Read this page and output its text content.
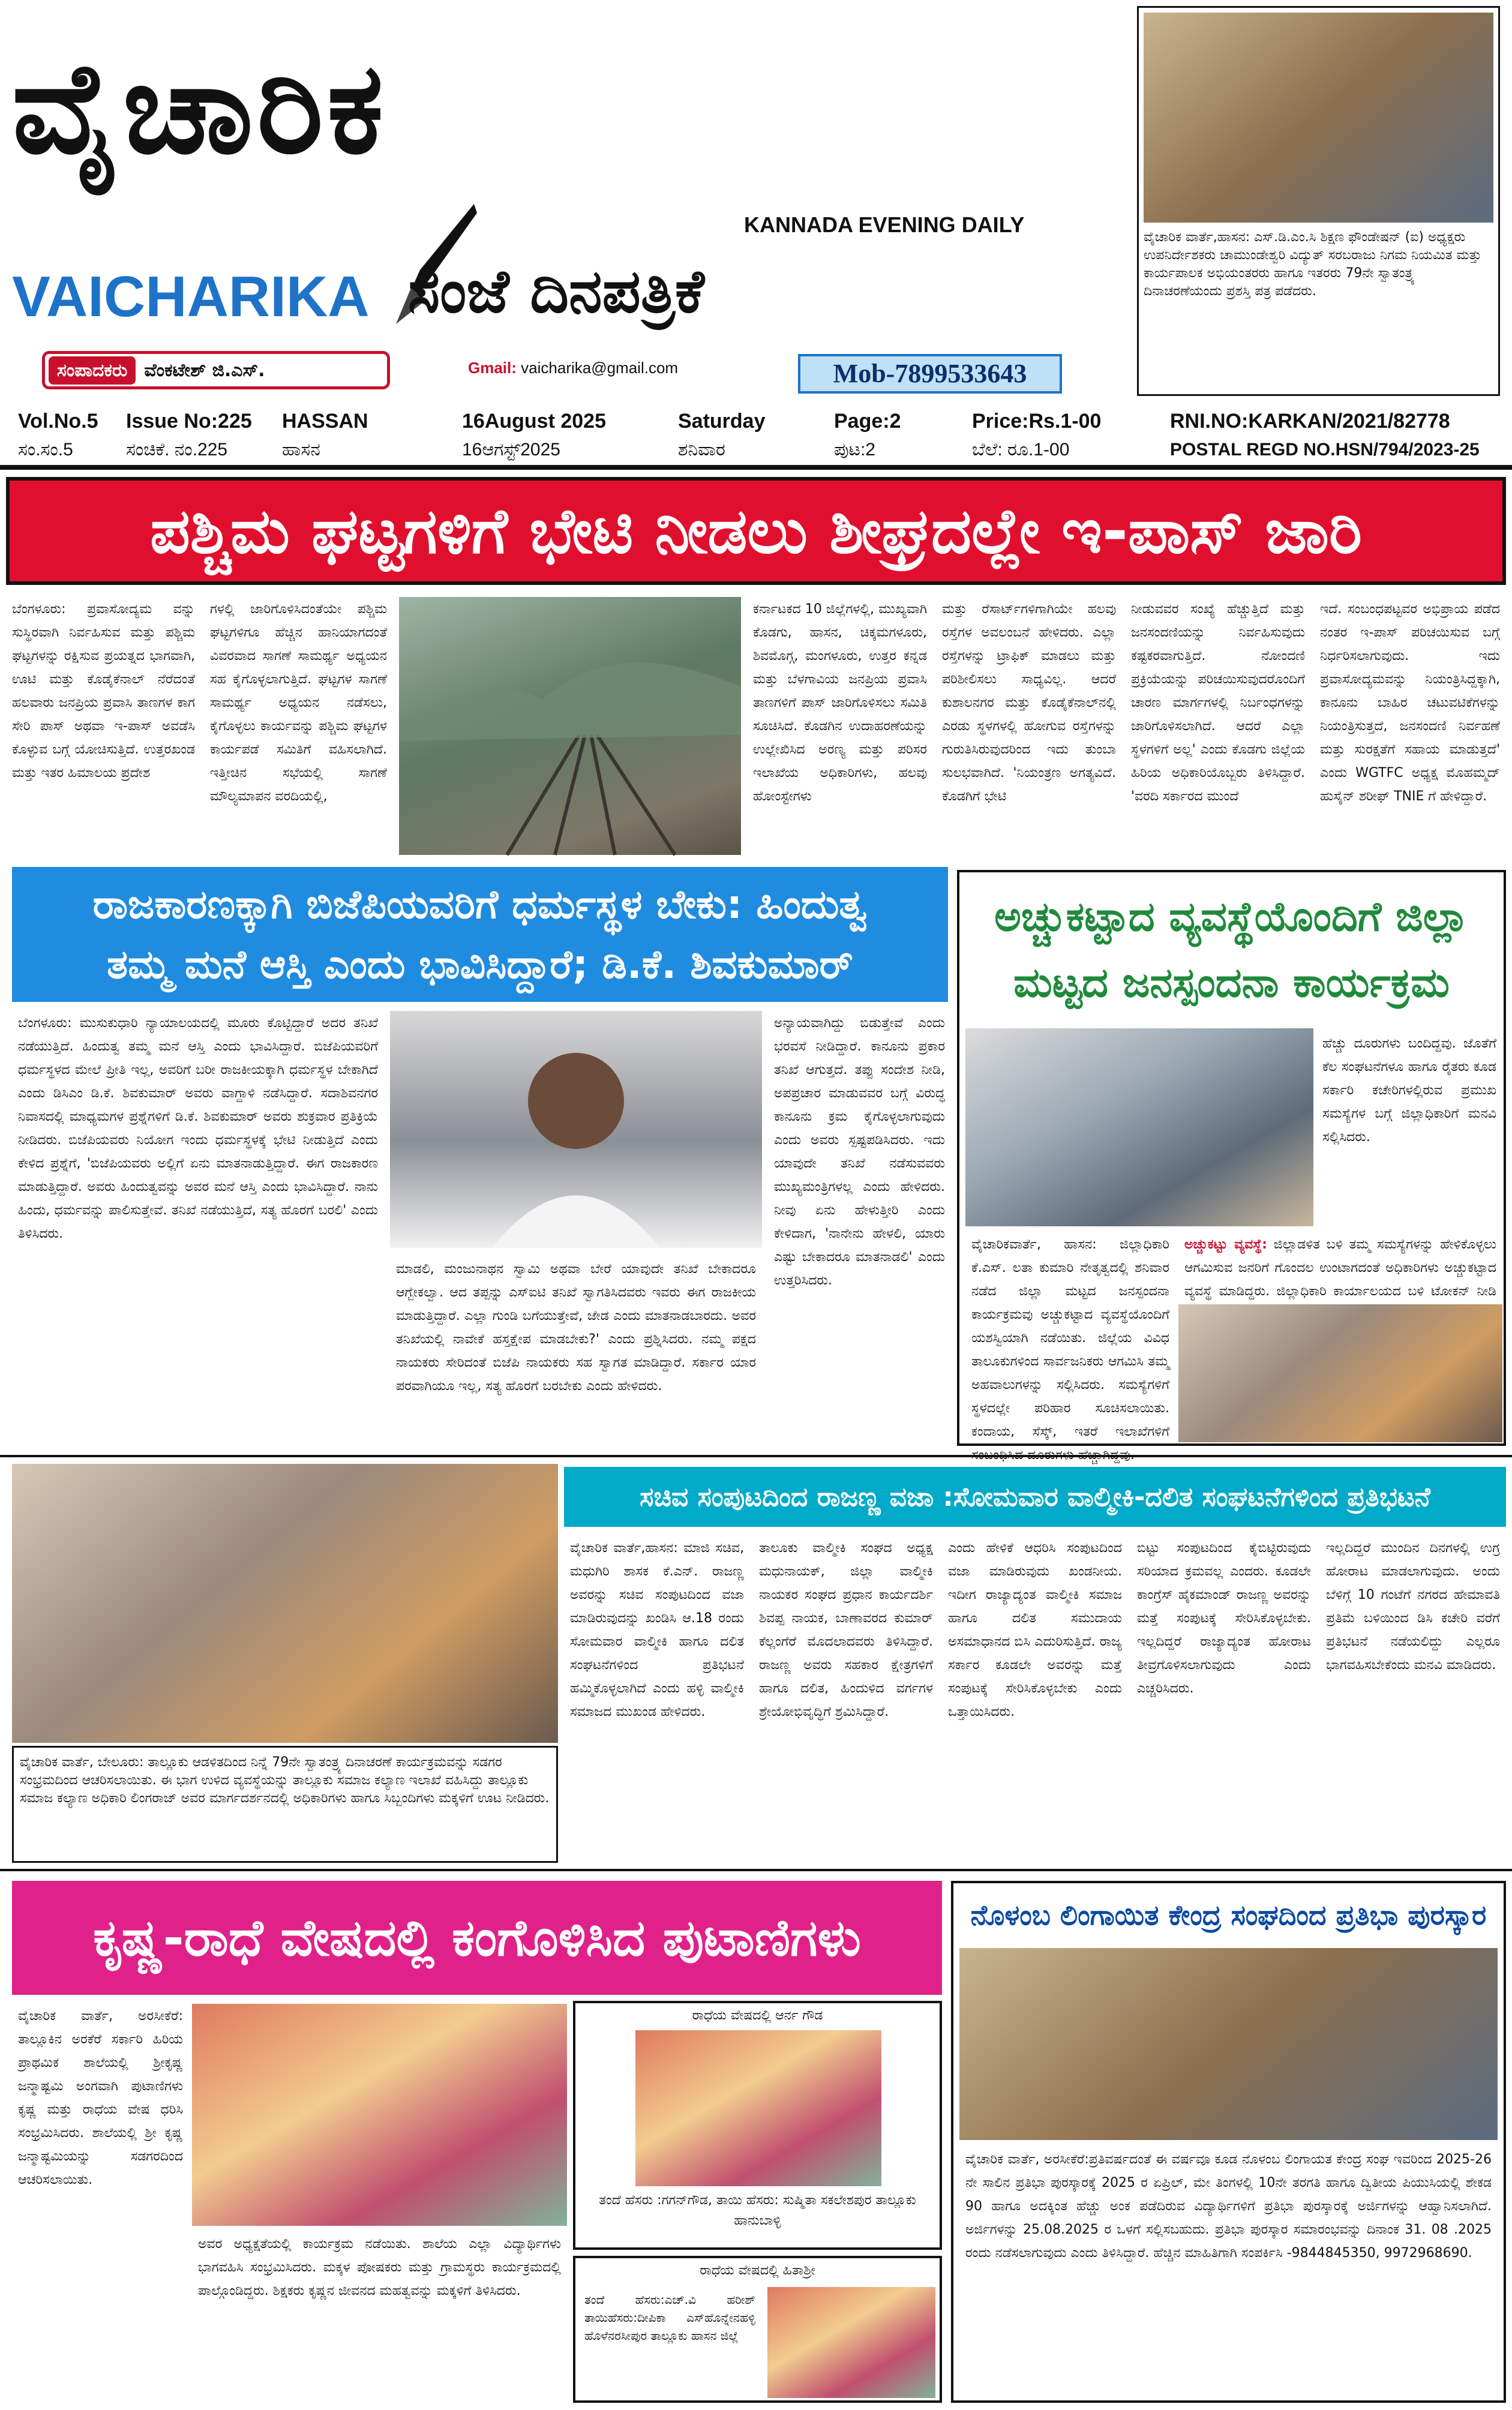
ವೈಚಾರಿಕ
KANNADA EVENING DAILY
VAICHARIKA ಸಂಜೆ ದಿನಪತ್ರಿಕೆ
ಸಂಪಾದಕರು ವೆಂಕಟೇಶ್ ಜಿ.ಎಸ್.	Gmail: vaicharika@gmail.com	Mob-7899533643
ವೈಚಾರಿಕ ವಾರ್ತೆ,ಹಾಸನ: ಎಸ್.ಡಿ.ಎಂ.ಸಿ ಶಿಕ್ಷಣ ಫೌಂಡೇಷನ್ (ಐ) ಅಧ್ಯಕ್ಷರು ಉಪನಿರ್ದೇಶಕರು ಚಾಮುಂಡೇಶ್ವರಿ ವಿದ್ಯುತ್ ಸರಬರಾಜು ನಿಗಮ ನಿಯಮಿತ ಮತ್ತು ಕಾರ್ಯಪಾಲಕ ಅಭಿಯಂತರರು ಹಾಗೂ ಇತರರು 79ನೇ ಸ್ವಾತಂತ್ರ್ಯ ದಿನಾಚರಣೆಯಂದು ಪ್ರಶಸ್ತಿ ಪತ್ರ ಪಡೆದರು.
Vol.No.5	Issue No:225	HASSAN	16August 2025	Saturday	Page:2	Price:Rs.1-00	RNI.NO:KARKAN/2021/82778
ಸಂ.ಸಂ.5	ಸಂಚಿಕೆ. ನಂ.225	ಹಾಸನ	16ಆಗಸ್ಟ್2025	ಶನಿವಾರ	ಪುಟ:2	ಬೆಲೆ: ರೂ.1-00	POSTAL REGD NO.HSN/794/2023-25
ಪಶ್ಚಿಮ ಘಟ್ಟಗಳಿಗೆ ಭೇಟಿ ನೀಡಲು ಶೀಘ್ರದಲ್ಲೇ ಇ-ಪಾಸ್ ಜಾರಿ
ಬೆಂಗಳೂರು: ಪ್ರವಾಸೋದ್ಯಮ ವನ್ನು ಸುಸ್ಥಿರವಾಗಿ ನಿರ್ವಹಿಸುವ ಮತ್ತು ಪಶ್ಚಿಮ ಘಟ್ಟಗಳನ್ನು ರಕ್ಷಿಸುವ ಪ್ರಯತ್ನದ ಭಾಗವಾಗಿ, ಊಟಿ ಮತ್ತು ಕೊಡೈಕೆನಾಲ್ ನೆರೆದಂತೆ ಹಲವಾರು ಜನಪ್ರಿಯ ಪ್ರವಾಸಿ ತಾಣಗಳ ಕಾಗ ಸೇರಿ ಪಾಸ್ ಅಥವಾ ಇ-ಪಾಸ್ ಅವಡೆಸಿ ಕೊಳ್ಳುವ ಬಗ್ಗೆ ಯೋಚಿಸುತ್ತಿದೆ. ಉತ್ತರಖಂಡ ಮತ್ತು ಇತರ ಹಿಮಾಲಯ ಪ್ರದೇಶ
ಗಳಲ್ಲಿ ಜಾರಿಗೊಳಿಸಿದಂತೆಯೇ ಪಶ್ಚಿಮ ಘಟ್ಟಗಳಿಗೂ ಹೆಚ್ಚಿನ ಹಾನಿಯಾಗದಂತೆ ವಿವರವಾದ ಸಾಗಣೆ ಸಾಮರ್ಥ್ಯ ಅಧ್ಯಯನ ಸಹ ಕೈಗೊಳ್ಳಲಾಗುತ್ತಿದೆ. ಘಟ್ಟಗಳ ಸಾಗಣೆ ಸಾಮರ್ಥ್ಯ ಅಧ್ಯಯನ ನಡೆಸಲು, ಕೈಗೊಳ್ಳಲು ಕಾರ್ಯವನ್ನು ಪಶ್ಚಿಮ ಘಟ್ಟಗಳ ಕಾರ್ಯಪಡೆ ಸಮಿತಿಗೆ ವಹಿಸಲಾಗಿದೆ. ಇತ್ತೀಚಿನ ಸಭೆಯಲ್ಲಿ ಸಾಗಣೆ ಮೌಲ್ಯಮಾಪನ ವರದಿಯಲ್ಲಿ,
ಕರ್ನಾಟಕದ 10 ಜಿಲ್ಲೆಗಳಲ್ಲಿ, ಮುಖ್ಯವಾಗಿ ಕೊಡಗು, ಹಾಸನ, ಚಿಕ್ಕಮಗಳೂರು, ಶಿವಮೊಗ್ಗ, ಮಂಗಳೂರು, ಉತ್ತರ ಕನ್ನಡ ಮತ್ತು ಬೆಳಗಾವಿಯ ಜನಪ್ರಿಯ ಪ್ರವಾಸಿ ತಾಣಗಳಿಗೆ ಪಾಸ್ ಜಾರಿಗೊಳಿಸಲು ಸಮಿತಿ ಸೂಚಿಸಿದೆ. ಕೊಡಗಿನ ಉದಾಹರಣೆಯನ್ನು ಉಲ್ಲೇಖಿಸಿದ ಅರಣ್ಯ ಮತ್ತು ಪರಿಸರ ಇಲಾಖೆಯ ಅಧಿಕಾರಿಗಳು, ಹಲವು ಹೋಂಸ್ಟೇಗಳು
ಮತ್ತು ರೆಸಾರ್ಟ್‌ಗಳಿಗಾಗಿಯೇ ಹಲವು ರಸ್ತೆಗಳ ಅವಲಂಬನೆ ಹೇಳಿದರು. ಎಲ್ಲಾ ರಸ್ತೆಗಳನ್ನು ಟ್ರಾಫಿಕ್ ಮಾಡಲು ಮತ್ತು ಪರಿಶೀಲಿಸಲು ಸಾಧ್ಯವಿಲ್ಲ. ಆದರೆ ಕುಶಾಲನಗರ ಮತ್ತು ಕೊಡೈಕೆನಾಲ್‌ನಲ್ಲಿ ಎರಡು ಸ್ಥಳಗಳಲ್ಲಿ ಹೋಗುವ ರಸ್ತೆಗಳನ್ನು ಗುರುತಿಸಿರುವುದರಿಂದ ಇದು ತುಂಬಾ ಸುಲಭವಾಗಿದೆ. 'ನಿಯಂತ್ರಣ ಅಗತ್ಯವಿದೆ. ಕೊಡಗಿಗೆ ಭೇಟಿ
ನೀಡುವವರ ಸಂಖ್ಯೆ ಹೆಚ್ಚುತ್ತಿದೆ ಮತ್ತು ಜನಸಂದಣಿಯನ್ನು ನಿರ್ವಹಿಸುವುದು ಕಷ್ಟಕರವಾಗುತ್ತಿದೆ. ನೋಂದಣಿ ಪ್ರಕ್ರಿಯೆಯನ್ನು ಪರಿಚಯಿಸುವುದರೊಂದಿಗೆ ಚಾರಣ ಮಾರ್ಗಗಳಲ್ಲಿ ನಿರ್ಬಂಧಗಳನ್ನು ಜಾರಿಗೊಳಿಸಲಾಗಿದೆ. ಆದರೆ ಎಲ್ಲಾ ಸ್ಥಳಗಳಿಗೆ ಅಲ್ಲ' ಎಂದು ಕೊಡಗು ಜಿಲ್ಲೆಯ ಹಿರಿಯ ಅಧಿಕಾರಿಯೊಬ್ಬರು ತಿಳಿಸಿದ್ದಾರೆ. 'ವರದಿ ಸರ್ಕಾರದ ಮುಂದೆ
ಇದೆ. ಸಂಬಂಧಪಟ್ಟವರ ಅಭಿಪ್ರಾಯ ಪಡೆದ ನಂತರ ಇ-ಪಾಸ್ ಪರಿಚಯಿಸುವ ಬಗ್ಗೆ ನಿರ್ಧರಿಸಲಾಗುವುದು. ಇದು ಪ್ರವಾಸೋದ್ಯಮವನ್ನು ನಿಯಂತ್ರಿಸಿದ್ದಕ್ಕಾಗಿ, ಕಾನೂನು ಬಾಹಿರ ಚಟುವಟಿಕೆಗಳನ್ನು ನಿಯಂತ್ರಿಸುತ್ತದೆ, ಜನಸಂದಣಿ ನಿರ್ವಹಣೆ ಮತ್ತು ಸುರಕ್ಷತೆಗೆ ಸಹಾಯ ಮಾಡುತ್ತದೆ' ಎಂದು WGTFC ಅಧ್ಯಕ್ಷ ಮೊಹಮ್ಮದ್ ಹುಸೈನ್ ಶರೀಫ್ TNIE ಗೆ ಹೇಳಿದ್ದಾರೆ.
ರಾಜಕಾರಣಕ್ಕಾಗಿ ಬಿಜೆಪಿಯವರಿಗೆ ಧರ್ಮಸ್ಥಳ ಬೇಕು: ಹಿಂದುತ್ವ
ತಮ್ಮ ಮನೆ ಆಸ್ತಿ ಎಂದು ಭಾವಿಸಿದ್ದಾರೆ; ಡಿ.ಕೆ. ಶಿವಕುಮಾರ್
ಬೆಂಗಳೂರು: ಮುಸುಕುಧಾರಿ ನ್ಯಾಯಾಲಯದಲ್ಲಿ ಮೂರು ಕೊಟ್ಟಿದ್ದಾರೆ ಅದರ ತನಿಖೆ ನಡೆಯುತ್ತಿದೆ. ಹಿಂದುತ್ವ ತಮ್ಮ ಮನೆ ಆಸ್ತಿ ಎಂದು ಭಾವಿಸಿದ್ದಾರೆ. ಬಿಜೆಪಿಯವರಿಗೆ ಧರ್ಮಸ್ಥಳದ ಮೇಲೆ ಪ್ರೀತಿ ಇಲ್ಲ, ಅವರಿಗೆ ಬರೀ ರಾಜಕೀಯಕ್ಕಾಗಿ ಧರ್ಮಸ್ಥಳ ಬೇಕಾಗಿದೆ ಎಂದು ಡಿಸಿಎಂ ಡಿ.ಕೆ. ಶಿವಕುಮಾರ್ ಅವರು ವಾಗ್ದಾಳಿ ನಡೆಸಿದ್ದಾರೆ. ಸದಾಶಿವನಗರ ನಿವಾಸದಲ್ಲಿ ಮಾಧ್ಯಮಗಳ ಪ್ರಶ್ನೆಗಳಿಗೆ ಡಿ.ಕೆ. ಶಿವಕುಮಾರ್ ಅವರು ಶುಕ್ರವಾರ ಪ್ರತಿಕ್ರಿಯೆ ನೀಡಿದರು. ಬಿಜೆಪಿಯವರು ನಿಯೋಗ ಇಂದು ಧರ್ಮಸ್ಥಳಕ್ಕೆ ಭೇಟಿ ನೀಡುತ್ತಿದೆ ಎಂದು ಕೇಳಿದ ಪ್ರಶ್ನೆಗೆ, 'ಬಿಜೆಪಿಯವರು ಅಲ್ಲಿಗೆ ಏನು ಮಾತನಾಡುತ್ತಿದ್ದಾರೆ. ಈಗ ರಾಜಕಾರಣ ಮಾಡುತ್ತಿದ್ದಾರೆ. ಅವರು ಹಿಂದುತ್ವವನ್ನು ಅವರ ಮನೆ ಆಸ್ತಿ ಎಂದು ಭಾವಿಸಿದ್ದಾರೆ. ನಾನು ಹಿಂದು, ಧರ್ಮವನ್ನು ಪಾಲಿಸುತ್ತೇವೆ. ತನಿಖೆ ನಡೆಯುತ್ತಿದೆ, ಸತ್ಯ ಹೊರಗೆ ಬರಲಿ' ಎಂದು ತಿಳಿಸಿದರು.
ಮಾಡಲಿ, ಮಂಜುನಾಥನ ಸ್ವಾಮಿ ಅಥವಾ ಬೇರೆ ಯಾವುದೇ ತನಿಖೆ ಬೇಕಾದರೂ ಆಗ್ಬೇಕಲ್ವಾ. ಆದ ತಪ್ಪನ್ನು ಎಸ್‌ಐಟಿ ತನಿಖೆ ಸ್ವಾಗತಿಸಿದವರು ಇವರು ಈಗ ರಾಜಕೀಯ ಮಾಡುತ್ತಿದ್ದಾರೆ. ಎಲ್ಲಾ ಗುಂಡಿ ಬಗೆಯುತ್ತೇವೆ, ಜೇಡ ಎಂದು ಮಾತನಾಡಬಾರದು. ಅವರ ತನಿಖೆಯಲ್ಲಿ ನಾವೇಕೆ ಹಸ್ತಕ್ಷೇಪ ಮಾಡಬೇಕು?' ಎಂದು ಪ್ರಶ್ನಿಸಿದರು. ನಮ್ಮ ಪಕ್ಷದ ನಾಯಕರು ಸೇರಿದಂತೆ ಬಿಜೆಪಿ ನಾಯಕರು ಸಹ ಸ್ವಾಗತ ಮಾಡಿದ್ದಾರೆ. ಸರ್ಕಾರ ಯಾರ ಪರವಾಗಿಯೂ ಇಲ್ಲ, ಸತ್ಯ ಹೊರಗೆ ಬರಬೇಕು ಎಂದು ಹೇಳಿದರು.
ಅನ್ಯಾಯವಾಗಿದ್ದು ಬಿಡುತ್ತೇವೆ ಎಂದು ಭರವಸೆ ನೀಡಿದ್ದಾರೆ. ಕಾನೂನು ಪ್ರಕಾರ ತನಿಖೆ ಆಗುತ್ತದೆ. ತಪ್ಪು ಸಂದೇಶ ನೀಡಿ, ಅಪಪ್ರಚಾರ ಮಾಡುವವರ ಬಗ್ಗೆ ವಿರುದ್ಧ ಕಾನೂನು ಕ್ರಮ ಕೈಗೊಳ್ಳಲಾಗುವುದು ಎಂದು ಅವರು ಸ್ಪಷ್ಟಪಡಿಸಿದರು. ಇದು ಯಾವುದೇ ತನಿಖೆ ನಡೆಸುವವರು ಮುಖ್ಯಮಂತ್ರಿಗಳಲ್ಲ ಎಂದು ಹೇಳಿದರು. ನೀವು ಏನು ಹೇಳುತ್ತೀರಿ ಎಂದು ಕೇಳಿದಾಗ, 'ನಾನೇನು ಹೇಳಲಿ, ಯಾರು ಎಷ್ಟು ಬೇಕಾದರೂ ಮಾತನಾಡಲಿ' ಎಂದು ಉತ್ತರಿಸಿದರು.
ಅಚ್ಚುಕಟ್ಟಾದ ವ್ಯವಸ್ಥೆಯೊಂದಿಗೆ ಜಿಲ್ಲಾ
ಮಟ್ಟದ ಜನಸ್ಪಂದನಾ ಕಾರ್ಯಕ್ರಮ
ಹೆಚ್ಚು ದೂರುಗಳು ಬಂದಿದ್ದವು. ಜೊತೆಗೆ ಕೆಲ ಸಂಘಟನೆಗಳೂ ಹಾಗೂ ರೈತರು ಕೂಡ ಸರ್ಕಾರಿ ಕಚೇರಿಗಳಲ್ಲಿರುವ ಪ್ರಮುಖ ಸಮಸ್ಯೆಗಳ ಬಗ್ಗೆ ಜಿಲ್ಲಾಧಿಕಾರಿಗೆ ಮನವಿ ಸಲ್ಲಿಸಿದರು.
ವೈಚಾರಿಕವಾರ್ತೆ, ಹಾಸನ: ಜಿಲ್ಲಾಧಿಕಾರಿ ಕೆ.ಎಸ್. ಲತಾ ಕುಮಾರಿ ನೇತೃತ್ವದಲ್ಲಿ ಶನಿವಾರ ನಡೆದ ಜಿಲ್ಲಾ ಮಟ್ಟದ ಜನಸ್ಪಂದನಾ ಕಾರ್ಯಕ್ರಮವು ಅಚ್ಚುಕಟ್ಟಾದ ವ್ಯವಸ್ಥೆಯೊಂದಿಗೆ ಯಶಸ್ವಿಯಾಗಿ ನಡೆಯಿತು. ಜಿಲ್ಲೆಯ ವಿವಿಧ ತಾಲೂಕುಗಳಿಂದ ಸಾರ್ವಜನಿಕರು ಆಗಮಿಸಿ ತಮ್ಮ ಅಹವಾಲುಗಳನ್ನು ಸಲ್ಲಿಸಿದರು. ಸಮಸ್ಯೆಗಳಿಗೆ ಸ್ಥಳದಲ್ಲೇ ಪರಿಹಾರ ಸೂಚಿಸಲಾಯಿತು. ಕಂದಾಯ, ಸೆಸ್ಕ್, ಇತರೆ ಇಲಾಖೆಗಳಿಗೆ
ಅಚ್ಚುಕಟ್ಟು ವ್ಯವಸ್ಥೆ: ಜಿಲ್ಲಾಡಳಿತ ಬಳಿ ತಮ್ಮ ಸಮಸ್ಯೆಗಳನ್ನು ಹೇಳಿಕೊಳ್ಳಲು ಆಗಮಿಸುವ ಜನರಿಗೆ ಗೊಂದಲ ಉಂಟಾಗದಂತೆ ಅಧಿಕಾರಿಗಳು ಅಚ್ಚುಕಟ್ಟಾದ ವ್ಯವಸ್ಥೆ ಮಾಡಿದ್ದರು. ಜಿಲ್ಲಾಧಿಕಾರಿ ಕಾರ್ಯಾಲಯದ ಬಳಿ ಟೋಕನ್ ನೀಡಿ
ವೈಚಾರಿಕ ವಾರ್ತೆ, ಬೇಲೂರು: ತಾಲ್ಲೂಕು ಆಡಳಿತದಿಂದ ನಿನ್ನೆ 79ನೇ ಸ್ವಾತಂತ್ರ್ಯ ದಿನಾಚರಣೆ ಕಾರ್ಯಕ್ರಮವನ್ನು ಸಡಗರ ಸಂಭ್ರಮದಿಂದ ಆಚರಿಸಲಾಯಿತು. ಈ ಭಾಗ ಉಳಿದ ವ್ಯವಸ್ಥೆಯನ್ನು ತಾಲ್ಲೂಕು ಸಮಾಜ ಕಲ್ಯಾಣ ಇಲಾಖೆ ವಹಿಸಿದ್ದು ತಾಲ್ಲೂಕು ಸಮಾಜ ಕಲ್ಯಾಣ ಅಧಿಕಾರಿ ಲಿಂಗರಾಜ್ ಅವರ ಮಾರ್ಗದರ್ಶನದಲ್ಲಿ ಅಧಿಕಾರಿಗಳು ಹಾಗೂ ಸಿಬ್ಬಂದಿಗಳು ಮಕ್ಕಳಿಗೆ ಊಟ ನೀಡಿದರು.
ಸಚಿವ ಸಂಪುಟದಿಂದ ರಾಜಣ್ಣ ವಜಾ :ಸೋಮವಾರ ವಾಲ್ಮೀಕಿ-ದಲಿತ ಸಂಘಟನೆಗಳಿಂದ ಪ್ರತಿಭಟನೆ
ವೈಚಾರಿಕ ವಾರ್ತೆ,ಹಾಸನ: ಮಾಜಿ ಸಚಿವ, ಮಧುಗಿರಿ ಶಾಸಕ ಕೆ.ಎನ್. ರಾಜಣ್ಣ ಅವರನ್ನು ಸಚಿವ ಸಂಪುಟದಿಂದ ವಜಾ ಮಾಡಿರುವುದನ್ನು ಖಂಡಿಸಿ ಆ.18 ರಂದು ಸೋಮವಾರ ವಾಲ್ಮೀಕಿ ಹಾಗೂ ದಲಿತ ಸಂಘಟನೆಗಳಿಂದ ಪ್ರತಿಭಟನೆ ಹಮ್ಮಿಕೊಳ್ಳಲಾಗಿದೆ ಎಂದು ಹಳ್ಳಿ ವಾಲ್ಮೀಕಿ ಸಮಾಜದ ಮುಖಂಡ ಹೇಳಿದರು.
ತಾಲೂಕು ವಾಲ್ಮೀಕಿ ಸಂಘದ ಅಧ್ಯಕ್ಷ ಮಧುನಾಯಕ್, ಜಿಲ್ಲಾ ವಾಲ್ಮೀಕಿ ನಾಯಕರ ಸಂಘದ ಪ್ರಧಾನ ಕಾರ್ಯದರ್ಶಿ ಶಿವಪ್ಪ ನಾಯಕ, ಬಾಣಾವರದ ಕುಮಾರ್ ಕೆಲ್ಲಂಗೆರೆ ಮೊದಲಾದವರು ತಿಳಿಸಿದ್ದಾರೆ. ರಾಜಣ್ಣ ಅವರು ಸಹಕಾರ ಕ್ಷೇತ್ರಗಳಿಗೆ ಹಾಗೂ ದಲಿತ, ಹಿಂದುಳಿದ ವರ್ಗಗಳ ಶ್ರೇಯೋಭಿವೃದ್ಧಿಗೆ ಶ್ರಮಿಸಿದ್ದಾರೆ.
ಎಂದು ಹೇಳಿಕೆ ಆಧರಿಸಿ ಸಂಪುಟದಿಂದ ವಜಾ ಮಾಡಿರುವುದು ಖಂಡನೀಯ. ಇದೀಗ ರಾಜ್ಯಾದ್ಯಂತ ವಾಲ್ಮೀಕಿ ಸಮಾಜ ಹಾಗೂ ದಲಿತ ಸಮುದಾಯ ಅಸಮಾಧಾನದ ಬಿಸಿ ಎದುರಿಸುತ್ತಿದೆ. ರಾಜ್ಯ ಸರ್ಕಾರ ಕೂಡಲೇ ಅವರನ್ನು ಮತ್ತೆ ಸಂಪುಟಕ್ಕೆ ಸೇರಿಸಿಕೊಳ್ಳಬೇಕು ಎಂದು ಒತ್ತಾಯಿಸಿದರು.
ಬಿಟ್ಟು ಸಂಪುಟದಿಂದ ಕೈಬಿಟ್ಟಿರುವುದು ಸರಿಯಾದ ಕ್ರಮವಲ್ಲ ಎಂದರು. ಕೂಡಲೇ ಕಾಂಗ್ರೆಸ್ ಹೈಕಮಾಂಡ್ ರಾಜಣ್ಣ ಅವರನ್ನು ಮತ್ತೆ ಸಂಪುಟಕ್ಕೆ ಸೇರಿಸಿಕೊಳ್ಳಬೇಕು. ಇಲ್ಲದಿದ್ದರೆ ರಾಜ್ಯಾದ್ಯಂತ ಹೋರಾಟ ತೀವ್ರಗೊಳಿಸಲಾಗುವುದು ಎಂದು ಎಚ್ಚರಿಸಿದರು.
ಇಲ್ಲದಿದ್ದರೆ ಮುಂದಿನ ದಿನಗಳಲ್ಲಿ ಉಗ್ರ ಹೋರಾಟ ಮಾಡಲಾಗುವುದು. ಅಂದು ಬೆಳಿಗ್ಗೆ 10 ಗಂಟೆಗೆ ನಗರದ ಹೇಮಾವತಿ ಪ್ರತಿಮೆ ಬಳಿಯಿಂದ ಡಿಸಿ ಕಚೇರಿ ವರೆಗೆ ಪ್ರತಿಭಟನೆ ನಡೆಯಲಿದ್ದು ಎಲ್ಲರೂ ಭಾಗವಹಿಸಬೇಕೆಂದು ಮನವಿ ಮಾಡಿದರು.
ಕೃಷ್ಣ-ರಾಧೆ ವೇಷದಲ್ಲಿ ಕಂಗೊಳಿಸಿದ ಪುಟಾಣಿಗಳು
ವೈಚಾರಿಕ ವಾರ್ತೆ, ಅರಸೀಕೆರೆ: ತಾಲ್ಲೂಕಿನ ಅರಕೆರೆ ಸರ್ಕಾರಿ ಹಿರಿಯ ಪ್ರಾಥಮಿಕ ಶಾಲೆಯಲ್ಲಿ ಶ್ರೀಕೃಷ್ಣ ಜನ್ಮಾಷ್ಟಮಿ ಅಂಗವಾಗಿ ಪುಟಾಣಿಗಳು ಕೃಷ್ಣ ಮತ್ತು ರಾಧೆಯ ವೇಷ ಧರಿಸಿ ಸಂಭ್ರಮಿಸಿದರು. ಶಾಲೆಯಲ್ಲಿ ಶ್ರೀ ಕೃಷ್ಣ ಜನ್ಮಾಷ್ಟಮಿಯನ್ನು ಸಡಗರದಿಂದ ಆಚರಿಸಲಾಯಿತು.
ಅವರ ಅಧ್ಯಕ್ಷತೆಯಲ್ಲಿ ಕಾರ್ಯಕ್ರಮ ನಡೆಯಿತು. ಶಾಲೆಯ ಎಲ್ಲಾ ವಿದ್ಯಾರ್ಥಿಗಳು ಭಾಗವಹಿಸಿ ಸಂಭ್ರಮಿಸಿದರು. ಮಕ್ಕಳ ಪೋಷಕರು ಮತ್ತು ಗ್ರಾಮಸ್ಥರು ಕಾರ್ಯಕ್ರಮದಲ್ಲಿ ಪಾಲ್ಗೊಂಡಿದ್ದರು. ಶಿಕ್ಷಕರು ಕೃಷ್ಣನ ಜೀವನದ ಮಹತ್ವವನ್ನು ಮಕ್ಕಳಿಗೆ ತಿಳಿಸಿದರು.
ರಾಧೆಯ ವೇಷದಲ್ಲಿ ಆರ್ನ ಗೌಡ
ತಂದೆ ಹೆಸರು :ಗಗನ್‌ಗೌಡ, ತಾಯಿ ಹೆಸರು: ಸುಷ್ಮಿತಾ ಸಕಲೇಶಪುರ ತಾಲ್ಲೂಕು ಹಾನುಬಾಳ್ಳಿ
ರಾಧೆಯ ವೇಷದಲ್ಲಿ ಹಿತಾಶ್ರೀ
ತಂದೆ ಹೆಸರು:ಎಚ್.ವಿ ಹರೀಶ್ ತಾಯಿಹೆಸರು:ದೀಪಿಕಾ ಎಸ್‌ಹೊನ್ನೇನಹಳ್ಳಿ ಹೊಳೆನರಸೀಪುರ ತಾಲ್ಲೂಕು ಹಾಸನ ಜಿಲ್ಲೆ
ನೊಳಂಬ ಲಿಂಗಾಯಿತ ಕೇಂದ್ರ ಸಂಘದಿಂದ ಪ್ರತಿಭಾ ಪುರಸ್ಕಾರ
ವೈಚಾರಿಕ ವಾರ್ತೆ, ಅರಸೀಕೆರೆ:ಪ್ರತಿವರ್ಷದಂತೆ ಈ ವರ್ಷವೂ ಕೂಡ ನೊಳಂಬ ಲಿಂಗಾಯತ ಕೇಂದ್ರ ಸಂಘ ಇವರಿಂದ 2025-26 ನೇ ಸಾಲಿನ ಪ್ರತಿಭಾ ಪುರಸ್ಕಾರಕ್ಕೆ 2025 ರ ಏಪ್ರಿಲ್, ಮೇ ತಿಂಗಳಲ್ಲಿ 10ನೇ ತರಗತಿ ಹಾಗೂ ದ್ವಿತೀಯ ಪಿಯುಸಿಯಲ್ಲಿ ಶೇಕಡ 90 ಹಾಗೂ ಅದಕ್ಕಿಂತ ಹೆಚ್ಚು ಅಂಕ ಪಡೆದಿರುವ ವಿದ್ಯಾರ್ಥಿಗಳಿಗೆ ಪ್ರತಿಭಾ ಪುರಸ್ಕಾರಕ್ಕೆ ಅರ್ಜಿಗಳನ್ನು ಆಹ್ವಾನಿಸಲಾಗಿದೆ. ಅರ್ಜಿಗಳನ್ನು 25.08.2025 ರ ಒಳಗೆ ಸಲ್ಲಿಸಬಹುದು. ಪ್ರತಿಭಾ ಪುರಸ್ಕಾರ ಸಮಾರಂಭವನ್ನು ದಿನಾಂಕ 31. 08 .2025 ರಂದು ನಡೆಸಲಾಗುವುದು ಎಂದು ತಿಳಿಸಿದ್ದಾರೆ. ಹೆಚ್ಚಿನ ಮಾಹಿತಿಗಾಗಿ ಸಂಪರ್ಕಿಸಿ -9844845350, 9972968690.
